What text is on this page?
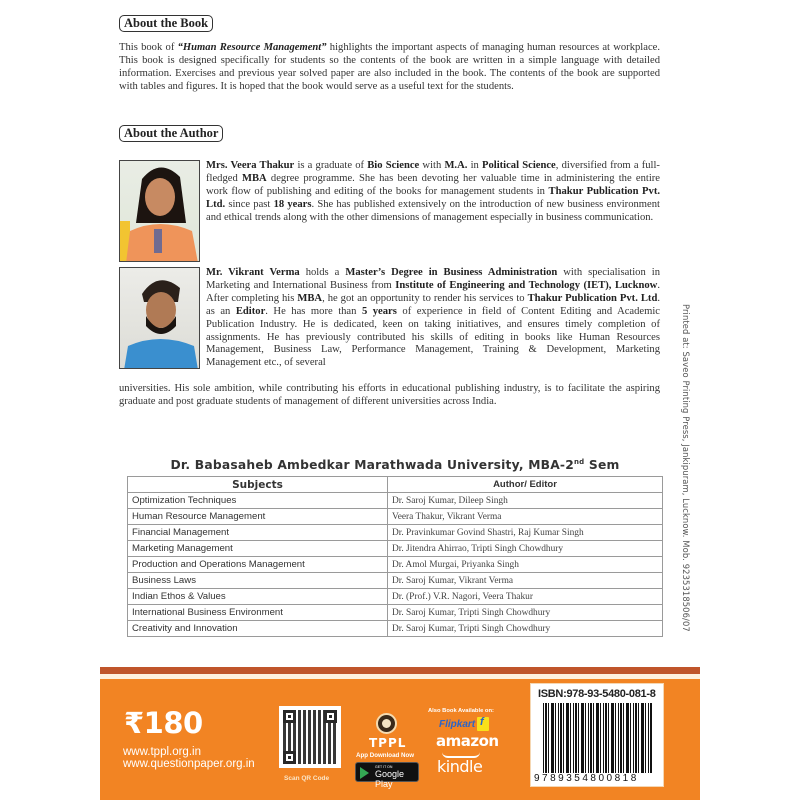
About the Book

This book of “Human Resource Management” highlights the important aspects of managing human resources at workplace. This book is designed specifically for students so the contents of the book are written in a simple language with detailed information. Exercises and previous year solved paper are also included in the book. The contents of the book are supported with tables and figures. It is hoped that the book would serve as a useful text for the students.

About the Author

Mrs. Veera Thakur is a graduate of Bio Science with M.A. in Political Science, diversified from a full-fledged MBA degree programme. She has been devoting her valuable time in administering the entire work flow of publishing and editing of the books for management students in Thakur Publication Pvt. Ltd. since past 18 years. She has published extensively on the introduction of new business environment and ethical trends along with the other dimensions of management especially in business communication.

Mr. Vikrant Verma holds a Master’s Degree in Business Administration with specialisation in Marketing and International Business from Institute of Engineering and Technology (IET), Lucknow. After completing his MBA, he got an opportunity to render his services to Thakur Publication Pvt. Ltd. as an Editor. He has more than 5 years of experience in field of Content Editing and Academic Publication Industry. He is dedicated, keen on taking initiatives, and ensures timely completion of assignments. He has previously contributed his skills of editing in books like Human Resources Management, Business Law, Performance Management, Training & Development, Marketing Management etc., of several

universities. His sole ambition, while contributing his efforts in educational publishing industry, is to facilitate the aspiring graduate and post graduate students of management of different universities across India.	Printed at: Saveo Printing Press, Jankipuram, Lucknow. Mob. 9235318506/07
Dr. Babasaheb Ambedkar Marathwada University, MBA-2nd Sem
Subjects	Author/ Editor
Optimization Techniques	Dr. Saroj Kumar, Dileep Singh
Human Resource Management	Veera Thakur, Vikrant Verma
Financial Management	Dr. Pravinkumar Govind Shastri, Raj Kumar Singh
Marketing Management	Dr. Jitendra Ahirrao, Tripti Singh Chowdhury
Production and Operations Management	Dr. Amol Murgai, Priyanka Singh
Business Laws	Dr. Saroj Kumar, Vikrant Verma
Indian Ethos & Values	Dr. (Prof.) V.R. Nagori, Veera Thakur
International Business Environment	Dr. Saroj Kumar, Tripti Singh Chowdhury
Creativity and Innovation	Dr. Saroj Kumar, Tripti Singh Chowdhury
₹180
www.tppl.org.in
www.questionpaper.org.in
Scan QR Code
TPPL
App Download Now
GET IT ON
Google Play
Also Book Available on:
Flipkart
f
amazon
kindle
ISBN:978-93-5480-081-8
9789354800818
